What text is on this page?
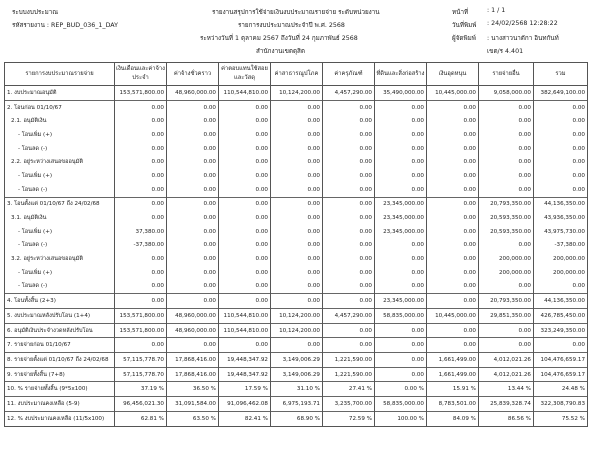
ระบบงบประมาณ
รหัสรายงาน : REP_BUD_036_1_DAY
รายงานสรุปการใช้จ่ายเงินงบประมาณรายจ่าย ระดับหน่วยงาน
รายการงบประมาณประจำปี พ.ศ. 2568
ระหว่างวันที่ 1 ตุลาคม 2567 ถึงวันที่ 24 กุมภาพันธ์ 2568
สำนักงานเขตดุสิต
หน้าที่	: 1 / 1
วันที่พิมพ์ : 24/02/2568 12:28:22
ผู้จัดพิมพ์ : นางสาวนาตักา อินทกันท์
เขต/ร 4.401
รายการงบประมาณรายจ่าย	เงินเดือนและค่าจ้างประจำ	ค่าจ้างชั่วคราว	ค่าตอบแทนใช้สอยและวัสดุ	ค่าสาธารณูปโภค	ค่าครุภัณฑ์	ที่ดินและสิ่งก่อสร้าง	เงินอุดหนุน	รายจ่ายอื่น	รวม
1. งบประมาณอนุมัติ	153,571,800.00	48,960,000.00	110,544,810.00	10,124,200.00	4,457,290.00	35,490,000.00	10,445,000.00	9,058,000.00	382,649,100.00
2. โอนก่อน 01/10/67	0.00	0.00	0.00	0.00	0.00	0.00	0.00	0.00	0.00
2.1. อนุมัติเงิน	0.00	0.00	0.00	0.00	0.00	0.00	0.00	0.00	0.00
- โอนเพิ่ม (+)	0.00	0.00	0.00	0.00	0.00	0.00	0.00	0.00	0.00
- โอนลด (-)	0.00	0.00	0.00	0.00	0.00	0.00	0.00	0.00	0.00
2.2. อยู่ระหว่างเสนอขออนุมัติ	0.00	0.00	0.00	0.00	0.00	0.00	0.00	0.00	0.00
- โอนเพิ่ม (+)	0.00	0.00	0.00	0.00	0.00	0.00	0.00	0.00	0.00
- โอนลด (-)	0.00	0.00	0.00	0.00	0.00	0.00	0.00	0.00	0.00
3. โอนตั้งแต่ 01/10/67 ถึง 24/02/68	0.00	0.00	0.00	0.00	0.00	23,345,000.00	0.00	20,793,350.00	44,136,350.00
3.1. อนุมัติเงิน	0.00	0.00	0.00	0.00	0.00	23,345,000.00	0.00	20,593,350.00	43,936,350.00
- โอนเพิ่ม (+)	37,380.00	0.00	0.00	0.00	0.00	23,345,000.00	0.00	20,593,350.00	43,975,730.00
- โอนลด (-)	-37,380.00	0.00	0.00	0.00	0.00	0.00	0.00	0.00	-37,380.00
3.2. อยู่ระหว่างเสนอขออนุมัติ	0.00	0.00	0.00	0.00	0.00	0.00	0.00	200,000.00	200,000.00
- โอนเพิ่ม (+)	0.00	0.00	0.00	0.00	0.00	0.00	0.00	200,000.00	200,000.00
- โอนลด (-)	0.00	0.00	0.00	0.00	0.00	0.00	0.00	0.00	0.00
4. โอนทั้งสิ้น (2+3)	0.00	0.00	0.00	0.00	0.00	23,345,000.00	0.00	20,793,350.00	44,136,350.00
5. งบประมาณหลังปรับโอน (1+4)	153,571,800.00	48,960,000.00	110,544,810.00	10,124,200.00	4,457,290.00	58,835,000.00	10,445,000.00	29,851,350.00	426,785,450.00
6. อนุมัติเงินประจำงวดหลังปรับโอน	153,571,800.00	48,960,000.00	110,544,810.00	10,124,200.00	0.00	0.00	0.00	0.00	323,249,350.00
7. รายจ่ายก่อน 01/10/67	0.00	0.00	0.00	0.00	0.00	0.00	0.00	0.00	0.00
8. รายจ่ายตั้งแต่ 01/10/67 ถึง 24/02/68	57,115,778.70	17,868,416.00	19,448,347.92	3,149,006.29	1,221,590.00	0.00	1,661,499.00	4,012,021.26	104,476,659.17
9. รายจ่ายทั้งสิ้น (7+8)	57,115,778.70	17,868,416.00	19,448,347.92	3,149,006.29	1,221,590.00	0.00	1,661,499.00	4,012,021.26	104,476,659.17
10. % รายจ่ายทั้งสิ้น (9*5x100)	37.19 %	36.50 %	17.59 %	31.10 %	27.41 %	0.00 %	15.91 %	13.44 %	24.48 %
11. งบประมาณคงเหลือ (5-9)	96,456,021.30	31,091,584.00	91,096,462.08	6,975,193.71	3,235,700.00	58,835,000.00	8,783,501.00	25,839,328.74	322,308,790.83
12. % งบประมาณคงเหลือ (11/5x100)	62.81 %	63.50 %	82.41 %	68.90 %	72.59 %	100.00 %	84.09 %	86.56 %	75.52 %
